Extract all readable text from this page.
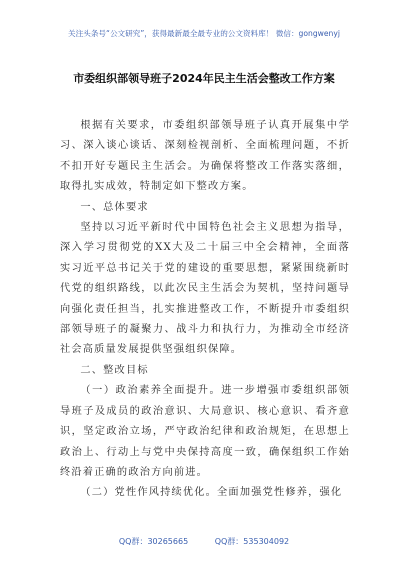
关注头条号“公文研究”，获得最新最全最专业的公文资料库！ 微信：gongwenyj
市委组织部领导班子2024年民主生活会整改工作方案

根据有关要求，市委组织部领导班子认真开展集中学习、深入谈心谈话、深刻检视剖析、全面梳理问题，不折不扣开好专题民主生活会。为确保将整改工作落实落细，取得扎实成效，特制定如下整改方案。

一、总体要求

坚持以习近平新时代中国特色社会主义思想为指导，深入学习贯彻党的XX大及二十届三中全会精神，全面落实习近平总书记关于党的建设的重要思想，紧紧围绕新时代党的组织路线，以此次民主生活会为契机，坚持问题导向强化责任担当，扎实推进整改工作，不断提升市委组织部领导班子的凝聚力、战斗力和执行力，为推动全市经济社会高质量发展提供坚强组织保障。

二、整改目标

（一）政治素养全面提升。进一步增强市委组织部领导班子及成员的政治意识、大局意识、核心意识、看齐意识，坚定政治立场，严守政治纪律和政治规矩，在思想上政治上、行动上与党中央保持高度一致，确保组织工作始终沿着正确的政治方向前进。

（二）党性作风持续优化。全面加强党性修养，强化

QQ群：30265665	QQ群：535304092
